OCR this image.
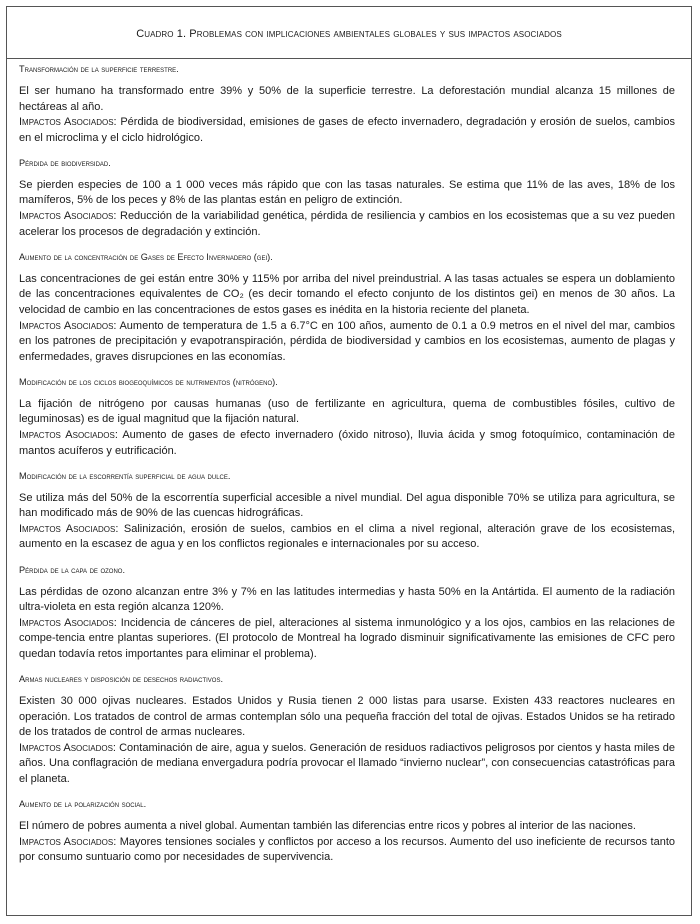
Cuadro 1. Problemas con implicaciones ambientales globales y sus impactos asociados
Transformación de la superficie terrestre.

El ser humano ha transformado entre 39% y 50% de la superficie terrestre. La deforestación mundial alcanza 15 millones de hectáreas al año.

Impactos Asociados: Pérdida de biodiversidad, emisiones de gases de efecto invernadero, degradación y erosión de suelos, cambios en el microclima y el ciclo hidrológico.

Pérdida de biodiversidad.

Se pierden especies de 100 a 1 000 veces más rápido que con las tasas naturales. Se estima que 11% de las aves, 18% de los mamíferos, 5% de los peces y 8% de las plantas están en peligro de extinción.

Impactos Asociados: Reducción de la variabilidad genética, pérdida de resiliencia y cambios en los ecosistemas que a su vez pueden acelerar los procesos de degradación y extinción.

Aumento de la concentración de Gases de Efecto Invernadero (gei).

Las concentraciones de gei están entre 30% y 115% por arriba del nivel preindustrial. A las tasas actuales se espera un doblamiento de las concentraciones equivalentes de CO₂ (es decir tomando el efecto conjunto de los distintos gei) en menos de 30 años. La velocidad de cambio en las concentraciones de estos gases es inédita en la historia reciente del planeta.

Impactos Asociados: Aumento de temperatura de 1.5 a 6.7°C en 100 años, aumento de 0.1 a 0.9 metros en el nivel del mar, cambios en los patrones de precipitación y evapotranspiración, pérdida de biodiversidad y cambios en los ecosistemas, aumento de plagas y enfermedades, graves disrupciones en las economías.

Modificación de los ciclos biogeoquímicos de nutrimentos (nitrógeno).

La fijación de nitrógeno por causas humanas (uso de fertilizante en agricultura, quema de combustibles fósiles, cultivo de leguminosas) es de igual magnitud que la fijación natural.

Impactos Asociados: Aumento de gases de efecto invernadero (óxido nitroso), lluvia ácida y smog fotoquímico, contaminación de mantos acuíferos y eutrificación.

Modificación de la escorrentía superficial de agua dulce.

Se utiliza más del 50% de la escorrentía superficial accesible a nivel mundial. Del agua disponible 70% se utiliza para agricultura, se han modificado más de 90% de las cuencas hidrográficas.

Impactos Asociados: Salinización, erosión de suelos, cambios en el clima a nivel regional, alteración grave de los ecosistemas, aumento en la escasez de agua y en los conflictos regionales e internacionales por su acceso.

Pérdida de la capa de ozono.

Las pérdidas de ozono alcanzan entre 3% y 7% en las latitudes intermedias y hasta 50% en la Antártida. El aumento de la radiación ultra-violeta en esta región alcanza 120%.

Impactos Asociados: Incidencia de cánceres de piel, alteraciones al sistema inmunológico y a los ojos, cambios en las relaciones de compe-tencia entre plantas superiores. (El protocolo de Montreal ha logrado disminuir significativamente las emisiones de CFC pero quedan todavía retos importantes para eliminar el problema).

Armas nucleares y disposición de desechos radiactivos.

Existen 30 000 ojivas nucleares. Estados Unidos y Rusia tienen 2 000 listas para usarse. Existen 433 reactores nucleares en operación. Los tratados de control de armas contemplan sólo una pequeña fracción del total de ojivas. Estados Unidos se ha retirado de los tratados de control de armas nucleares.

Impactos Asociados: Contaminación de aire, agua y suelos. Generación de residuos radiactivos peligrosos por cientos y hasta miles de años. Una conflagración de mediana envergadura podría provocar el llamado “invierno nuclear”, con consecuencias catastróficas para el planeta.

Aumento de la polarización social.

El número de pobres aumenta a nivel global. Aumentan también las diferencias entre ricos y pobres al interior de las naciones.

Impactos Asociados: Mayores tensiones sociales y conflictos por acceso a los recursos. Aumento del uso ineficiente de recursos tanto por consumo suntuario como por necesidades de supervivencia.
